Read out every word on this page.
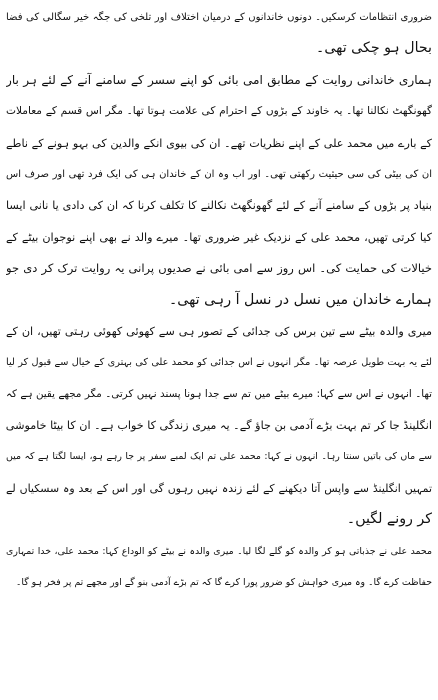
ضروری انتظامات کرسکیں۔ دونوں خاندانوں کے درمیان اختلاف اور تلخی کی جگہ خیر سگالی کی فضا
بحال ہو چکی تھی۔
ہماری خاندانی روایت کے مطابق امی بائی کو اپنے سسر کے سامنے آنے کے لئے ہر بار
گھونگھٹ نکالنا تھا۔ یہ خاوند کے بڑوں کے احترام کی علامت ہوتا تھا۔ مگر اس قسم کے معاملات
کے بارے میں محمد علی کے اپنے نظریات تھے۔ ان کی بیوی انکے والدین کی بہو ہونے کے ناطے
ان کی بیٹی کی سی حیثیت رکھتی تھی۔ اور اب وہ ان کے خاندان ہی کی ایک فرد تھی اور صرف اس
بنیاد پر بڑوں کے سامنے آنے کے لئے گھونگھٹ نکالنے کا تکلف کرنا کہ ان کی دادی یا نانی ایسا
کیا کرتی تھیں، محمد علی کے نزدیک غیر ضروری تھا۔ میرے والد نے بھی اپنے نوجوان بیٹے کے
خیالات کی حمایت کی۔ اس روز سے امی بائی نے صدیوں پرانی یہ روایت ترک کر دی جو
ہمارے خاندان میں نسل در نسل آ رہی تھی۔
میری والدہ بیٹے سے تین برس کی جدائی کے تصور ہی سے کھوئی کھوئی رہتی تھیں، ان کے
لئے یہ بہت طویل عرصہ تھا۔ مگر انہوں نے اس جدائی کو محمد علی کی بہتری کے خیال سے قبول کر لیا
تھا۔ انہوں نے اس سے کہا: میرے بیٹے میں تم سے جدا ہونا پسند نہیں کرتی۔ مگر مجھے یقین ہے کہ
انگلینڈ جا کر تم بہت بڑے آدمی بن جاؤ گے۔ یہ میری زندگی کا خواب ہے۔ ان کا بیٹا خاموشی
سے ماں کی باتیں سنتا رہا۔ انہوں نے کہا: محمد علی تم ایک لمبے سفر پر جا رہے ہو، ایسا لگتا ہے کہ میں
تمہیں انگلینڈ سے واپس آتا دیکھنے کے لئے زندہ نہیں رہوں گی اور اس کے بعد وہ سسکیاں لے
کر رونے لگیں۔
محمد علی نے جذباتی ہو کر والدہ کو گلے لگا لیا۔ میری والدہ نے بیٹے کو الوداع کہا: محمد علی، خدا تمہاری
حفاظت کرے گا۔ وہ میری خواہش کو ضرور پورا کرے گا کہ تم بڑے آدمی بنو گے اور مجھے تم پر فخر ہو گا۔
